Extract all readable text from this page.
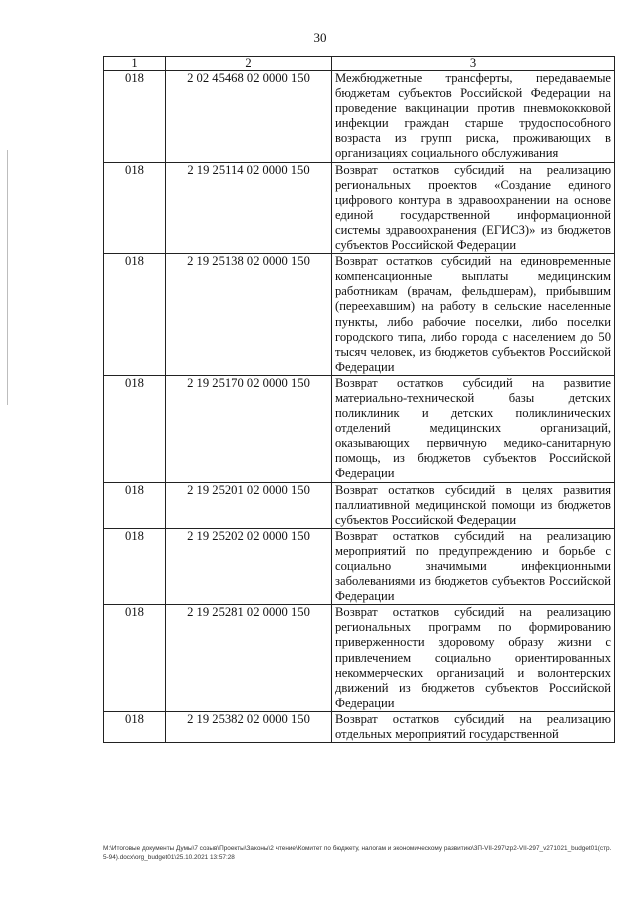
30
1	2	3
018	2 02 45468 02 0000 150	Межбюджетные трансферты, передаваемые бюджетам субъектов Российской Федерации на проведение вакцинации против пневмококковой инфекции граждан старше трудоспособного возраста из групп риска, проживающих в организациях социального обслуживания
018	2 19 25114 02 0000 150	Возврат остатков субсидий на реализацию региональных проектов «Создание единого цифрового контура в здравоохранении на основе единой государственной информационной системы здравоохранения (ЕГИСЗ)» из бюджетов субъектов Российской Федерации
018	2 19 25138 02 0000 150	Возврат остатков субсидий на единовременные компенсационные выплаты медицинским работникам (врачам, фельдшерам), прибывшим (переехавшим) на работу в сельские населенные пункты, либо рабочие поселки, либо поселки городского типа, либо города с населением до 50 тысяч человек, из бюджетов субъектов Российской Федерации
018	2 19 25170 02 0000 150	Возврат остатков субсидий на развитие материально-технической базы детских поликлиник и детских поликлинических отделений медицинских организаций, оказывающих первичную медико-санитарную помощь, из бюджетов субъектов Российской Федерации
018	2 19 25201 02 0000 150	Возврат остатков субсидий в целях развития паллиативной медицинской помощи из бюджетов субъектов Российской Федерации
018	2 19 25202 02 0000 150	Возврат остатков субсидий на реализацию мероприятий по предупреждению и борьбе с социально значимыми инфекционными заболеваниями из бюджетов субъектов Российской Федерации
018	2 19 25281 02 0000 150	Возврат остатков субсидий на реализацию региональных программ по формированию приверженности здоровому образу жизни с привлечением социально ориентированных некоммерческих организаций и волонтерских движений из бюджетов субъектов Российской Федерации
018	2 19 25382 02 0000 150	Возврат остатков субсидий на реализацию отдельных мероприятий государственной
M:\Итоговые документы Думы\7 созыв\Проекты\Законы\2 чтение\Комитет по бюджету, налогам и экономическому развитию\3П-VII-297\zp2-VII-297_v271021_budget01(стр. 5-94).docx\org_budget01\25.10.2021 13:57:28
